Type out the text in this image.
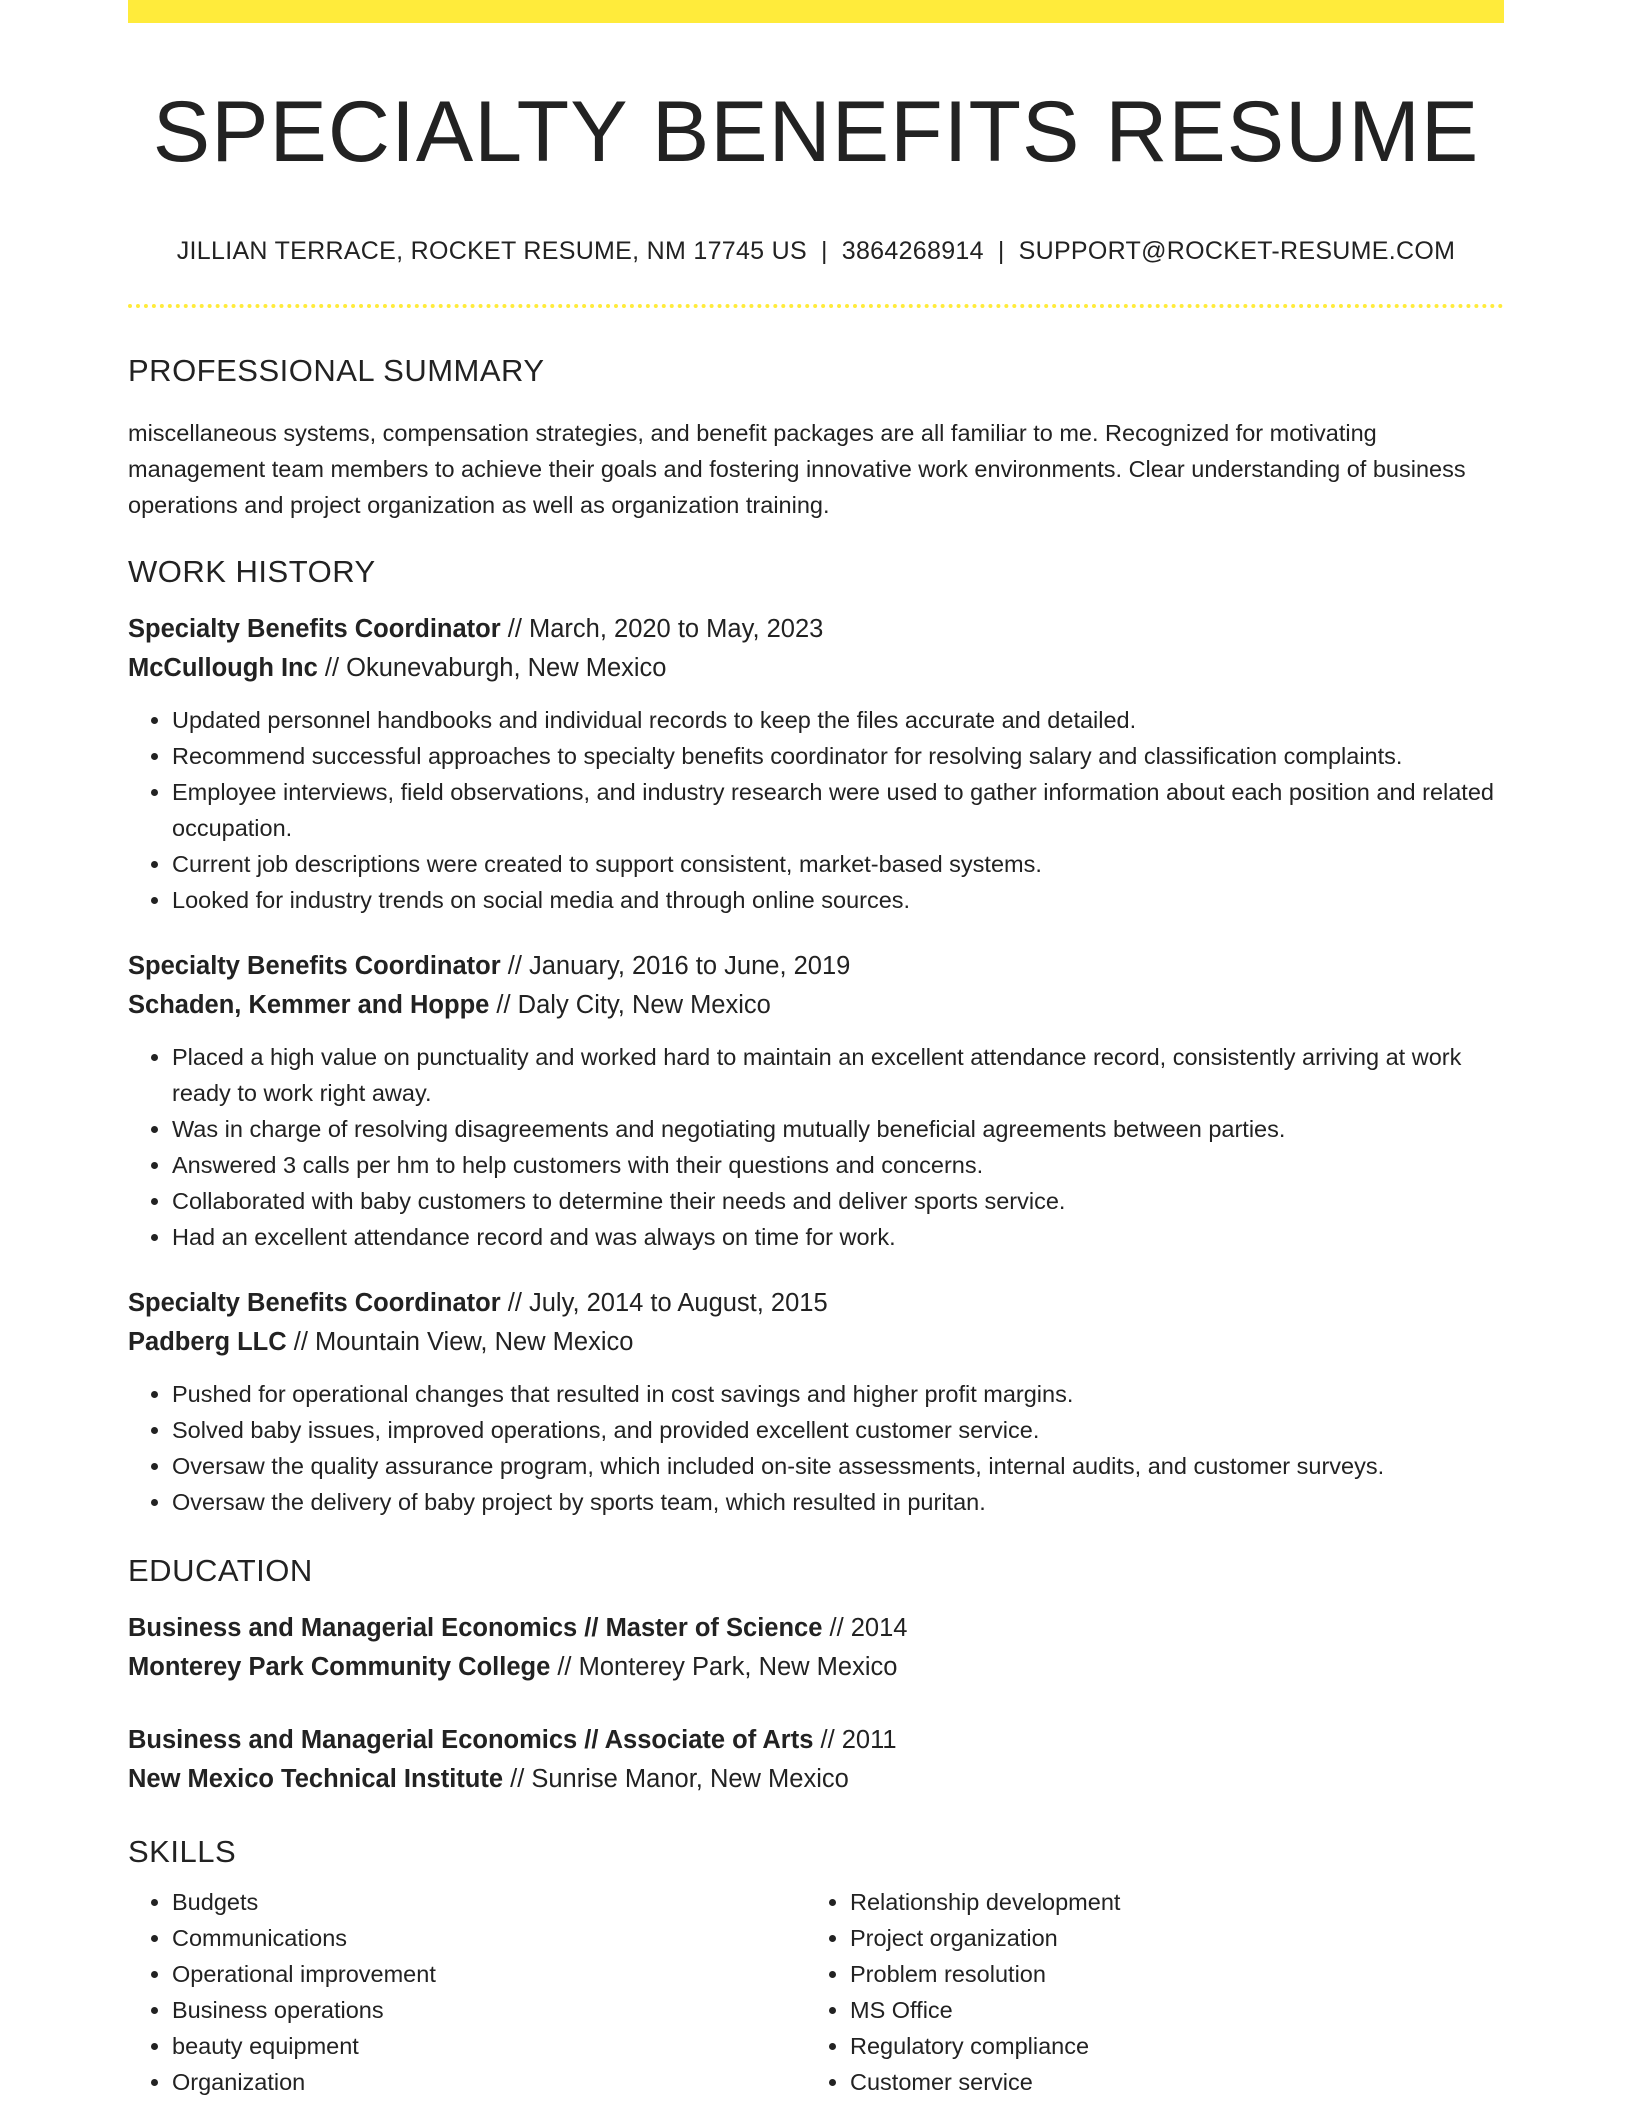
SPECIALTY BENEFITS RESUME
JILLIAN TERRACE, ROCKET RESUME, NM 17745 US | 3864268914 | SUPPORT@ROCKET-RESUME.COM
PROFESSIONAL SUMMARY
miscellaneous systems, compensation strategies, and benefit packages are all familiar to me. Recognized for motivating management team members to achieve their goals and fostering innovative work environments. Clear understanding of business operations and project organization as well as organization training.
WORK HISTORY
Specialty Benefits Coordinator // March, 2020 to May, 2023
McCullough Inc // Okunevaburgh, New Mexico
• Updated personnel handbooks and individual records to keep the files accurate and detailed.
• Recommend successful approaches to specialty benefits coordinator for resolving salary and classification complaints.
• Employee interviews, field observations, and industry research were used to gather information about each position and related occupation.
• Current job descriptions were created to support consistent, market-based systems.
• Looked for industry trends on social media and through online sources.
Specialty Benefits Coordinator // January, 2016 to June, 2019
Schaden, Kemmer and Hoppe // Daly City, New Mexico
• Placed a high value on punctuality and worked hard to maintain an excellent attendance record, consistently arriving at work ready to work right away.
• Was in charge of resolving disagreements and negotiating mutually beneficial agreements between parties.
• Answered 3 calls per hm to help customers with their questions and concerns.
• Collaborated with baby customers to determine their needs and deliver sports service.
• Had an excellent attendance record and was always on time for work.
Specialty Benefits Coordinator // July, 2014 to August, 2015
Padberg LLC // Mountain View, New Mexico
• Pushed for operational changes that resulted in cost savings and higher profit margins.
• Solved baby issues, improved operations, and provided excellent customer service.
• Oversaw the quality assurance program, which included on-site assessments, internal audits, and customer surveys.
• Oversaw the delivery of baby project by sports team, which resulted in puritan.
EDUCATION
Business and Managerial Economics // Master of Science // 2014
Monterey Park Community College // Monterey Park, New Mexico
Business and Managerial Economics // Associate of Arts // 2011
New Mexico Technical Institute // Sunrise Manor, New Mexico
SKILLS
• Budgets
• Communications
• Operational improvement
• Business operations
• beauty equipment
• Organization
• Relationship development
• Project organization
• Problem resolution
• MS Office
• Regulatory compliance
• Customer service
